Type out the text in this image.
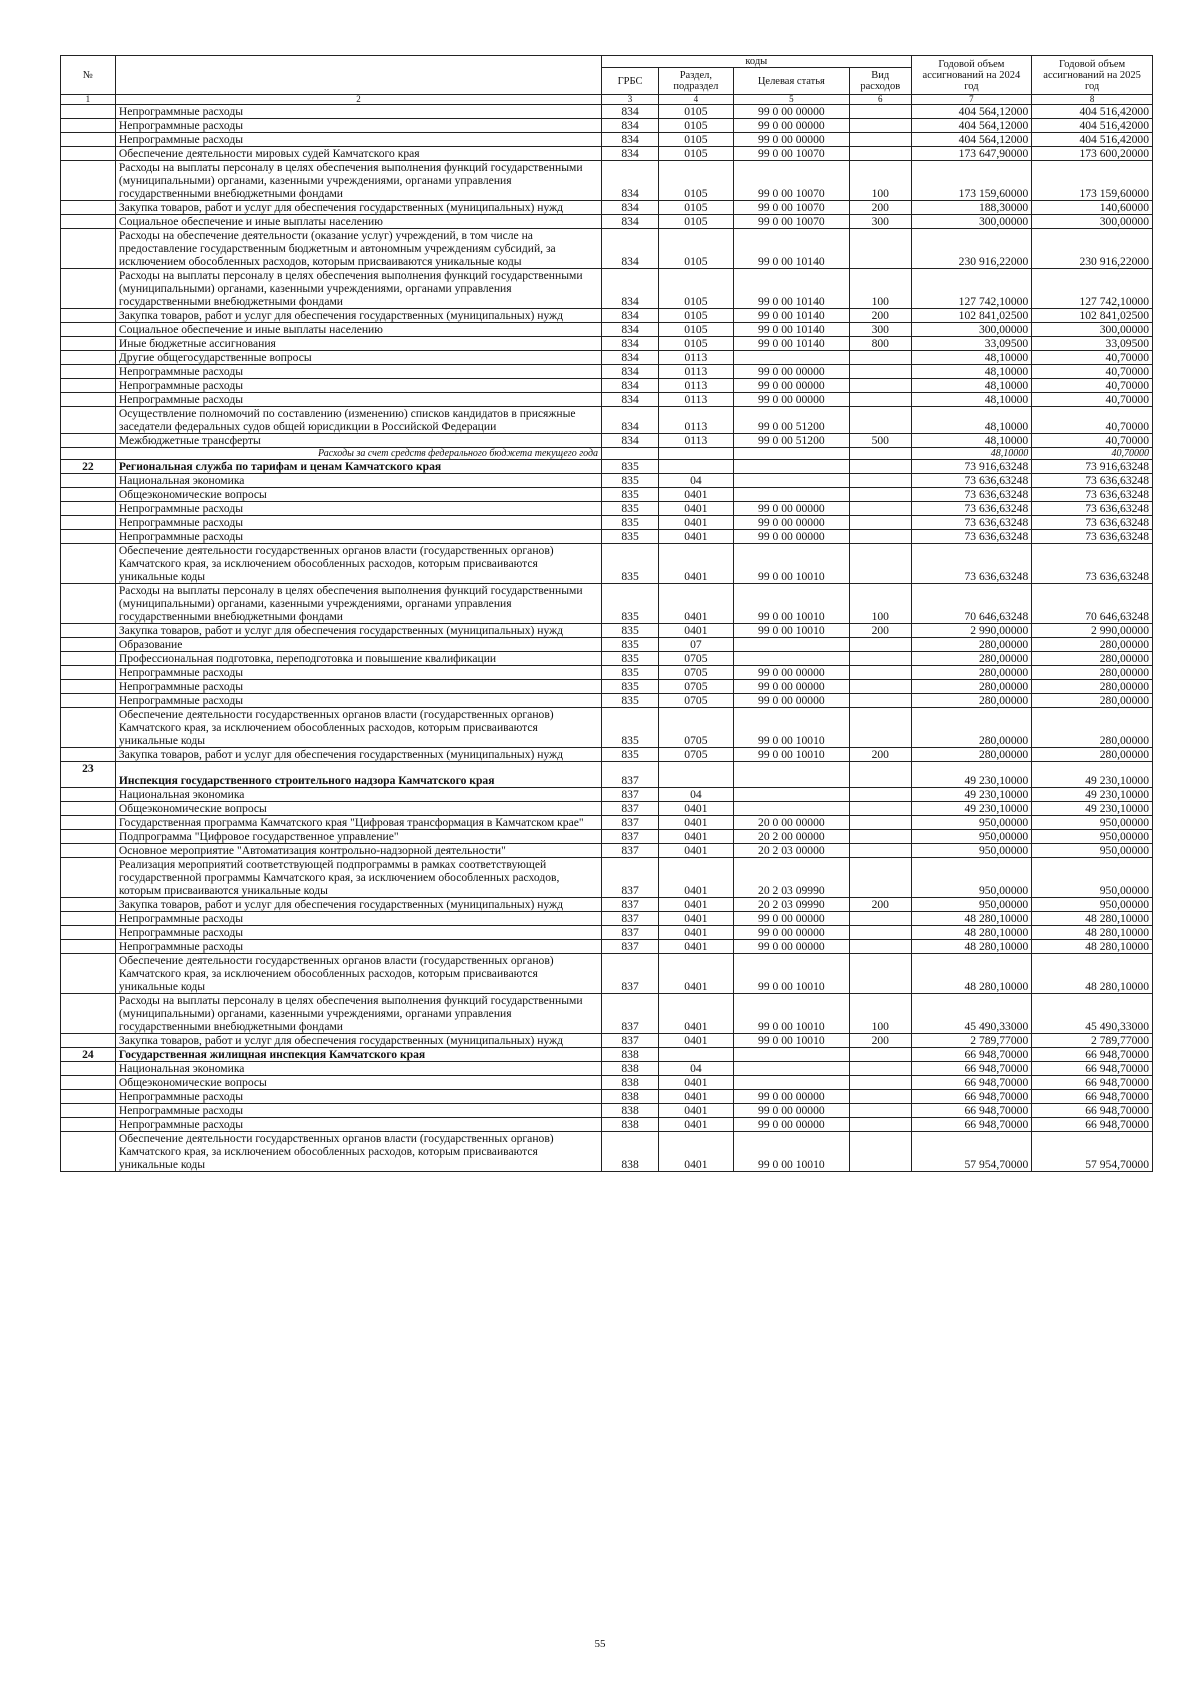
№		коды				Годовой объем ассигнований на 2024 год	Годовой объем ассигнований на 2025 год
		ГРБС	Раздел, подраздел	Целевая статья	Вид расходов		
1	2	3	4	5	6	7	8
	Непрограммные расходы	834	0105	99 0 00 00000		404 564,12000	404 516,42000
	Непрограммные расходы	834	0105	99 0 00 00000		404 564,12000	404 516,42000
	Непрограммные расходы	834	0105	99 0 00 00000		404 564,12000	404 516,42000
	Обеспечение деятельности мировых судей Камчатского края	834	0105	99 0 00 10070		173 647,90000	173 600,20000
	Расходы на выплаты персоналу в целях обеспечения выполнения функций государственными (муниципальными) органами, казенными учреждениями, органами управления государственными внебюджетными фондами	834	0105	99 0 00 10070	100	173 159,60000	173 159,60000
	Закупка товаров, работ и услуг для обеспечения государственных (муниципальных) нужд	834	0105	99 0 00 10070	200	188,30000	140,60000
	Социальное обеспечение и иные выплаты населению	834	0105	99 0 00 10070	300	300,00000	300,00000
	Расходы на обеспечение деятельности (оказание услуг) учреждений, в том числе на предоставление государственным бюджетным и автономным учреждениям субсидий, за исключением обособленных расходов, которым присваиваются уникальные коды	834	0105	99 0 00 10140		230 916,22000	230 916,22000
	Расходы на выплаты персоналу в целях обеспечения выполнения функций государственными (муниципальными) органами, казенными учреждениями, органами управления государственными внебюджетными фондами	834	0105	99 0 00 10140	100	127 742,10000	127 742,10000
	Закупка товаров, работ и услуг для обеспечения государственных (муниципальных) нужд	834	0105	99 0 00 10140	200	102 841,02500	102 841,02500
	Социальное обеспечение и иные выплаты населению	834	0105	99 0 00 10140	300	300,00000	300,00000
	Иные бюджетные ассигнования	834	0105	99 0 00 10140	800	33,09500	33,09500
	Другие общегосударственные вопросы	834	0113			48,10000	40,70000
	Непрограммные расходы	834	0113	99 0 00 00000		48,10000	40,70000
	Непрограммные расходы	834	0113	99 0 00 00000		48,10000	40,70000
	Непрограммные расходы	834	0113	99 0 00 00000		48,10000	40,70000
	Осуществление полномочий по составлению (изменению) списков кандидатов в присяжные заседатели федеральных судов общей юрисдикции в Российской Федерации	834	0113	99 0 00 51200		48,10000	40,70000
	Межбюджетные трансферты	834	0113	99 0 00 51200	500	48,10000	40,70000
	Расходы за счет средств федерального бюджета текущего года					48,10000	40,70000
22	Региональная служба по тарифам и ценам Камчатского края	835				73 916,63248	73 916,63248
	Национальная экономика	835	04			73 636,63248	73 636,63248
	Общеэкономические вопросы	835	0401			73 636,63248	73 636,63248
	Непрограммные расходы	835	0401	99 0 00 00000		73 636,63248	73 636,63248
	Непрограммные расходы	835	0401	99 0 00 00000		73 636,63248	73 636,63248
	Непрограммные расходы	835	0401	99 0 00 00000		73 636,63248	73 636,63248
	Обеспечение деятельности государственных органов власти (государственных органов) Камчатского края, за исключением обособленных расходов, которым присваиваются уникальные коды	835	0401	99 0 00 10010		73 636,63248	73 636,63248
	Расходы на выплаты персоналу в целях обеспечения выполнения функций государственными (муниципальными) органами, казенными учреждениями, органами управления государственными внебюджетными фондами	835	0401	99 0 00 10010	100	70 646,63248	70 646,63248
	Закупка товаров, работ и услуг для обеспечения государственных (муниципальных) нужд	835	0401	99 0 00 10010	200	2 990,00000	2 990,00000
	Образование	835	07			280,00000	280,00000
	Профессиональная подготовка, переподготовка и повышение квалификации	835	0705			280,00000	280,00000
	Непрограммные расходы	835	0705	99 0 00 00000		280,00000	280,00000
	Непрограммные расходы	835	0705	99 0 00 00000		280,00000	280,00000
	Непрограммные расходы	835	0705	99 0 00 00000		280,00000	280,00000
	Обеспечение деятельности государственных органов власти (государственных органов) Камчатского края, за исключением обособленных расходов, которым присваиваются уникальные коды	835	0705	99 0 00 10010		280,00000	280,00000
	Закупка товаров, работ и услуг для обеспечения государственных (муниципальных) нужд	835	0705	99 0 00 10010	200	280,00000	280,00000
23	Инспекция государственного строительного надзора Камчатского края	837				49 230,10000	49 230,10000
	Национальная экономика	837	04			49 230,10000	49 230,10000
	Общеэкономические вопросы	837	0401			49 230,10000	49 230,10000
	Государственная программа Камчатского края "Цифровая трансформация в Камчатском крае"	837	0401	20 0 00 00000		950,00000	950,00000
	Подпрограмма "Цифровое государственное управление"	837	0401	20 2 00 00000		950,00000	950,00000
	Основное мероприятие "Автоматизация контрольно-надзорной деятельности"	837	0401	20 2 03 00000		950,00000	950,00000
	Реализация мероприятий соответствующей подпрограммы в рамках соответствующей государственной программы Камчатского края, за исключением обособленных расходов, которым присваиваются уникальные коды	837	0401	20 2 03 09990		950,00000	950,00000
	Закупка товаров, работ и услуг для обеспечения государственных (муниципальных) нужд	837	0401	20 2 03 09990	200	950,00000	950,00000
	Непрограммные расходы	837	0401	99 0 00 00000		48 280,10000	48 280,10000
	Непрограммные расходы	837	0401	99 0 00 00000		48 280,10000	48 280,10000
	Непрограммные расходы	837	0401	99 0 00 00000		48 280,10000	48 280,10000
	Обеспечение деятельности государственных органов власти (государственных органов) Камчатского края, за исключением обособленных расходов, которым присваиваются уникальные коды	837	0401	99 0 00 10010		48 280,10000	48 280,10000
	Расходы на выплаты персоналу в целях обеспечения выполнения функций государственными (муниципальными) органами, казенными учреждениями, органами управления государственными внебюджетными фондами	837	0401	99 0 00 10010	100	45 490,33000	45 490,33000
	Закупка товаров, работ и услуг для обеспечения государственных (муниципальных) нужд	837	0401	99 0 00 10010	200	2 789,77000	2 789,77000
24	Государственная жилищная инспекция Камчатского края	838				66 948,70000	66 948,70000
	Национальная экономика	838	04			66 948,70000	66 948,70000
	Общеэкономические вопросы	838	0401			66 948,70000	66 948,70000
	Непрограммные расходы	838	0401	99 0 00 00000		66 948,70000	66 948,70000
	Непрограммные расходы	838	0401	99 0 00 00000		66 948,70000	66 948,70000
	Непрограммные расходы	838	0401	99 0 00 00000		66 948,70000	66 948,70000
	Обеспечение деятельности государственных органов власти (государственных органов) Камчатского края, за исключением обособленных расходов, которым присваиваются уникальные коды	838	0401	99 0 00 10010		57 954,70000	57 954,70000
55
